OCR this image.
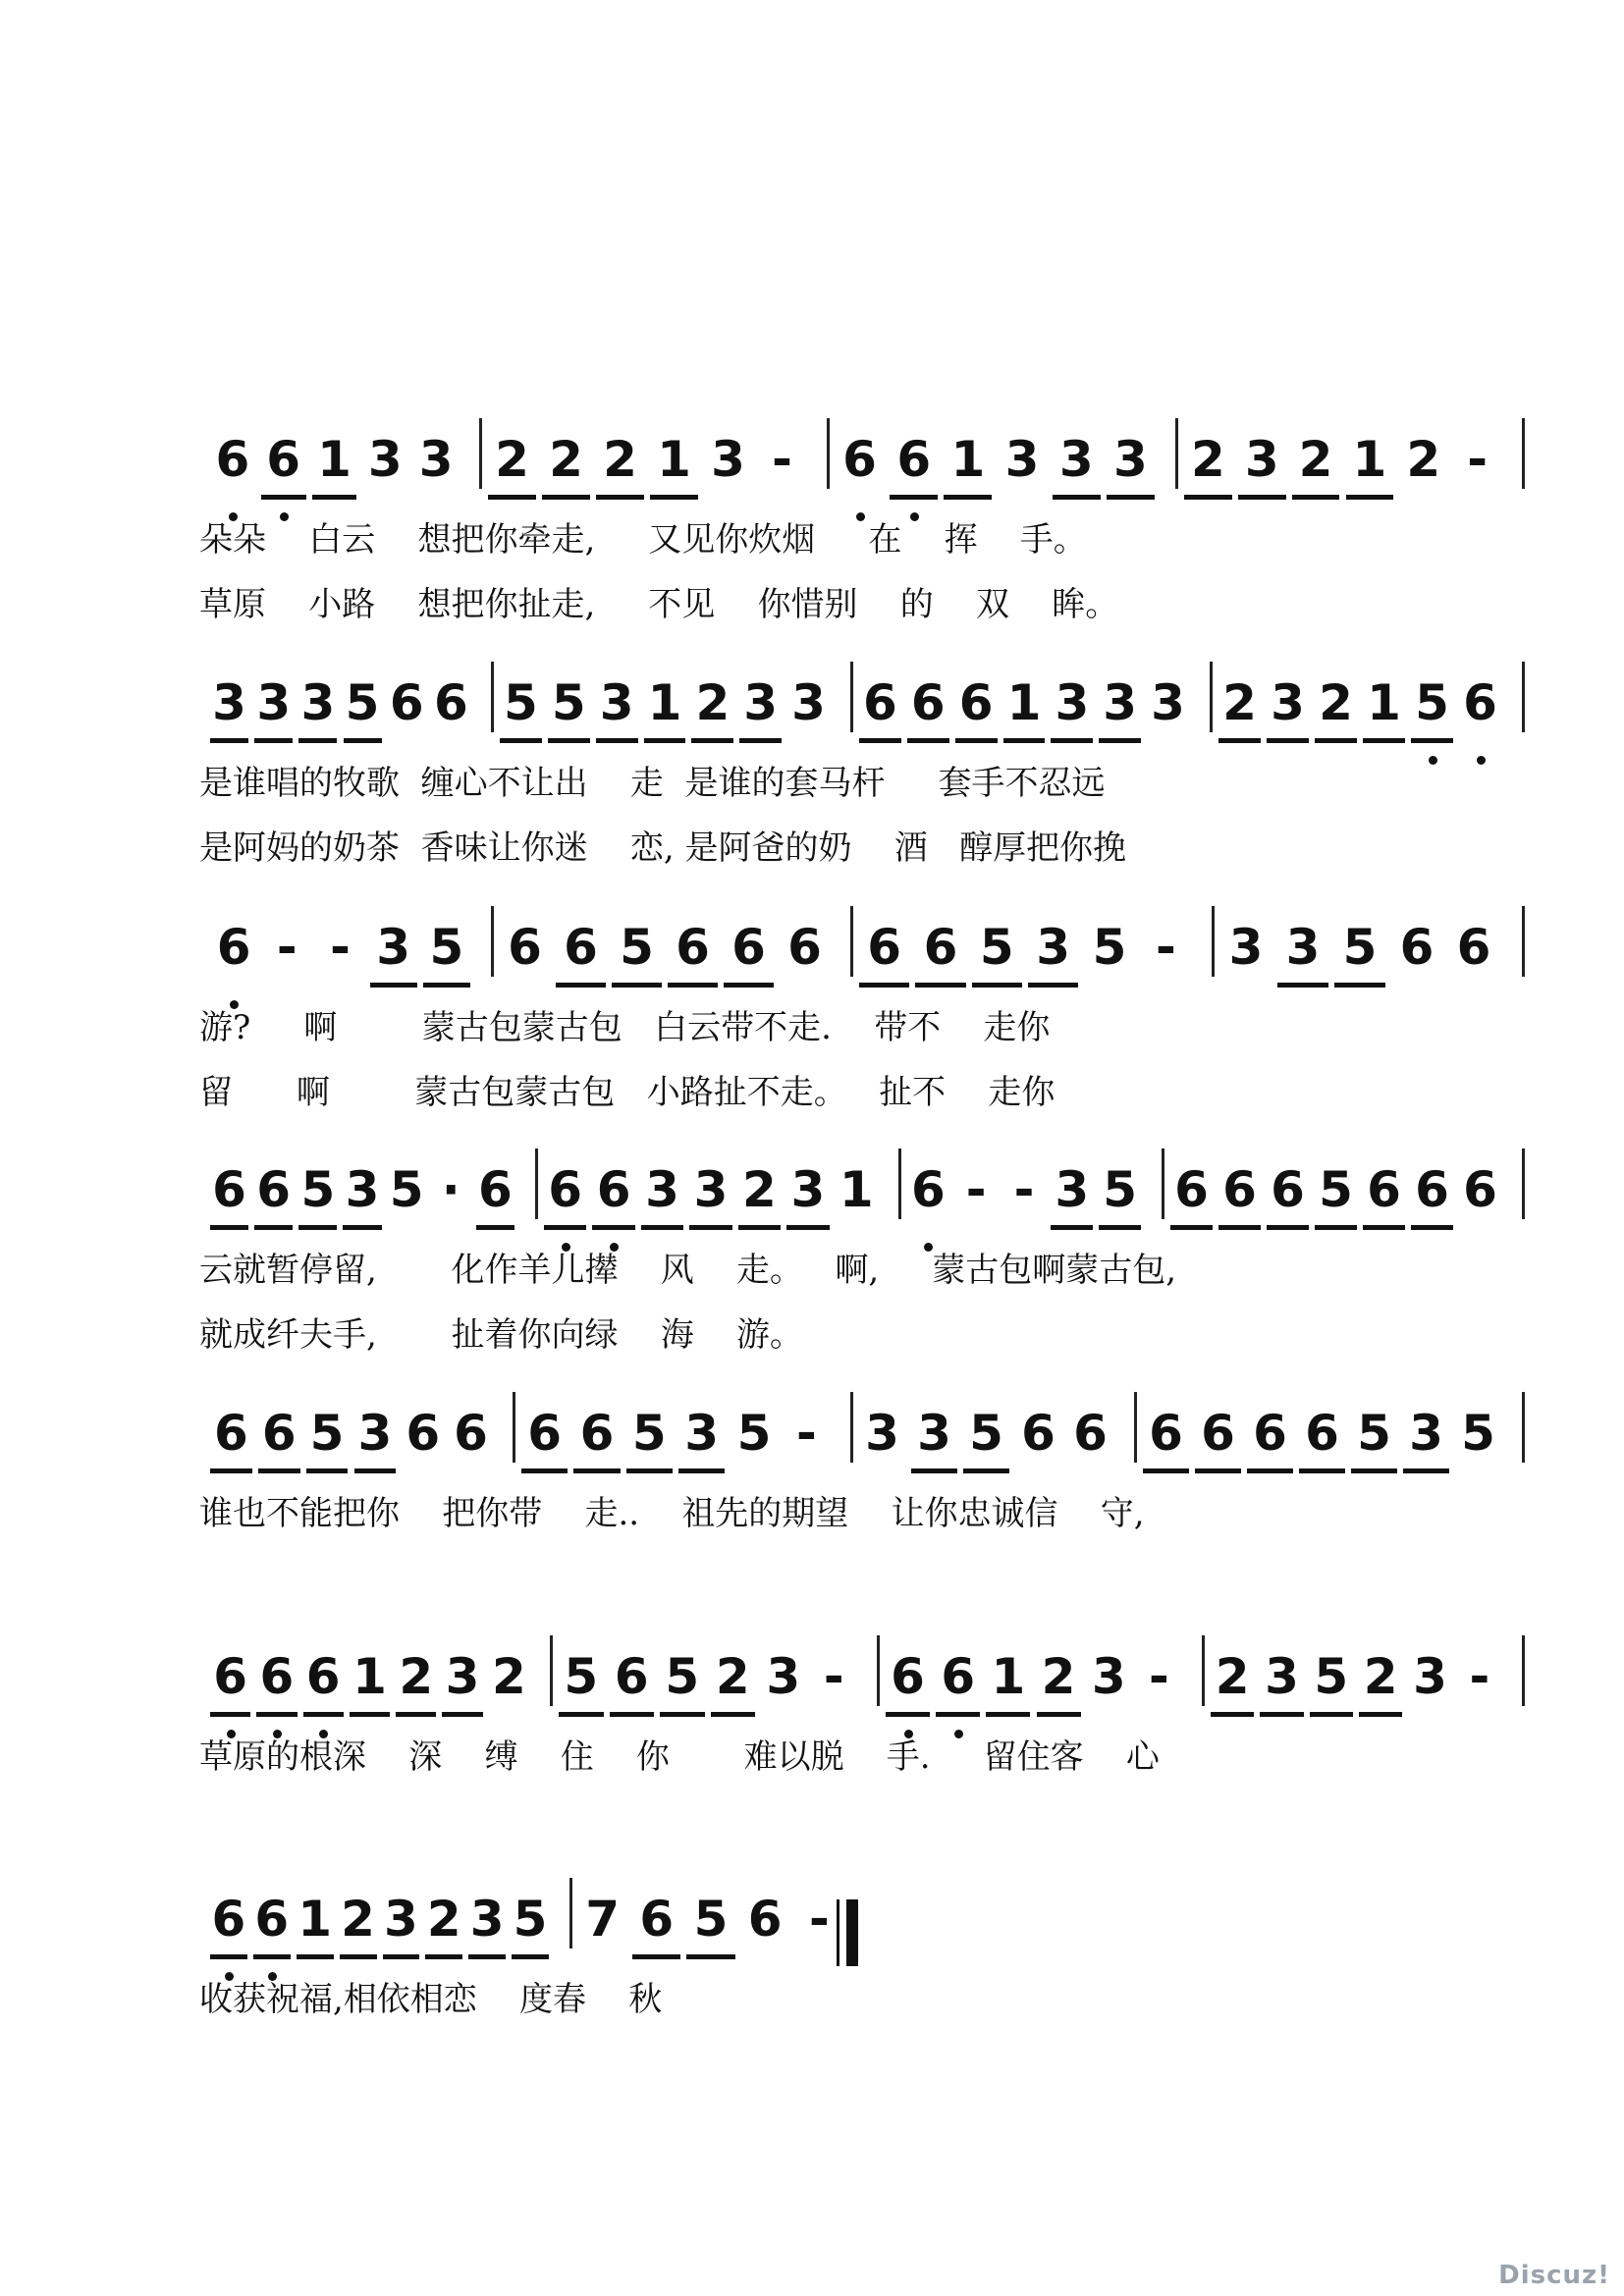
6 6 1 3 3 2 2 2 1 3 - 6 6 1 3 3 3 2 3 2 1 2 -
朵朵    白云    想把你牵走,     又见你炊烟     在    挥    手。
草原    小路    想把你扯走,     不见    你惜别    的    双    眸。
3 3 3 5 6 6 5 5 3 1 2 3 3 6 6 6 1 3 3 3 2 3 2 1 5 6
是谁唱的牧歌  缠心不让出    走  是谁的套马杆     套手不忍远
是阿妈的奶茶  香味让你迷    恋, 是阿爸的奶    酒   醇厚把你挽
6 - - 3 5 6 6 5 6 6 6 6 6 5 3 5 - 3 3 5 6 6
游?     啊        蒙古包蒙古包   白云带不走.    带不    走你
留      啊        蒙古包蒙古包   小路扯不走。   扯不    走你
6 6 5 3 5 · 6 6 6 3 3 2 3 1 6 - - 3 5 6 6 6 5 6 6 6
云就暂停留,       化作羊儿撵    风    走。   啊,     蒙古包啊蒙古包,
就成纤夫手,       扯着你向绿    海    游。
6 6 5 3 6 6 6 6 5 3 5 - 3 3 5 6 6 6 6 6 6 5 3 5
谁也不能把你    把你带    走..    祖先的期望    让你忠诚信    守,
6 6 6 1 2 3 2 5 6 5 2 3 - 6 6 1 2 3 - 2 3 5 2 3 -
草原的根深    深    缚    住    你       难以脱    手.     留住客    心
6 6 1 2 3 2 3 5 7 6 5 6 -
收获祝福,相依相恋    度春    秋
Discuz!
